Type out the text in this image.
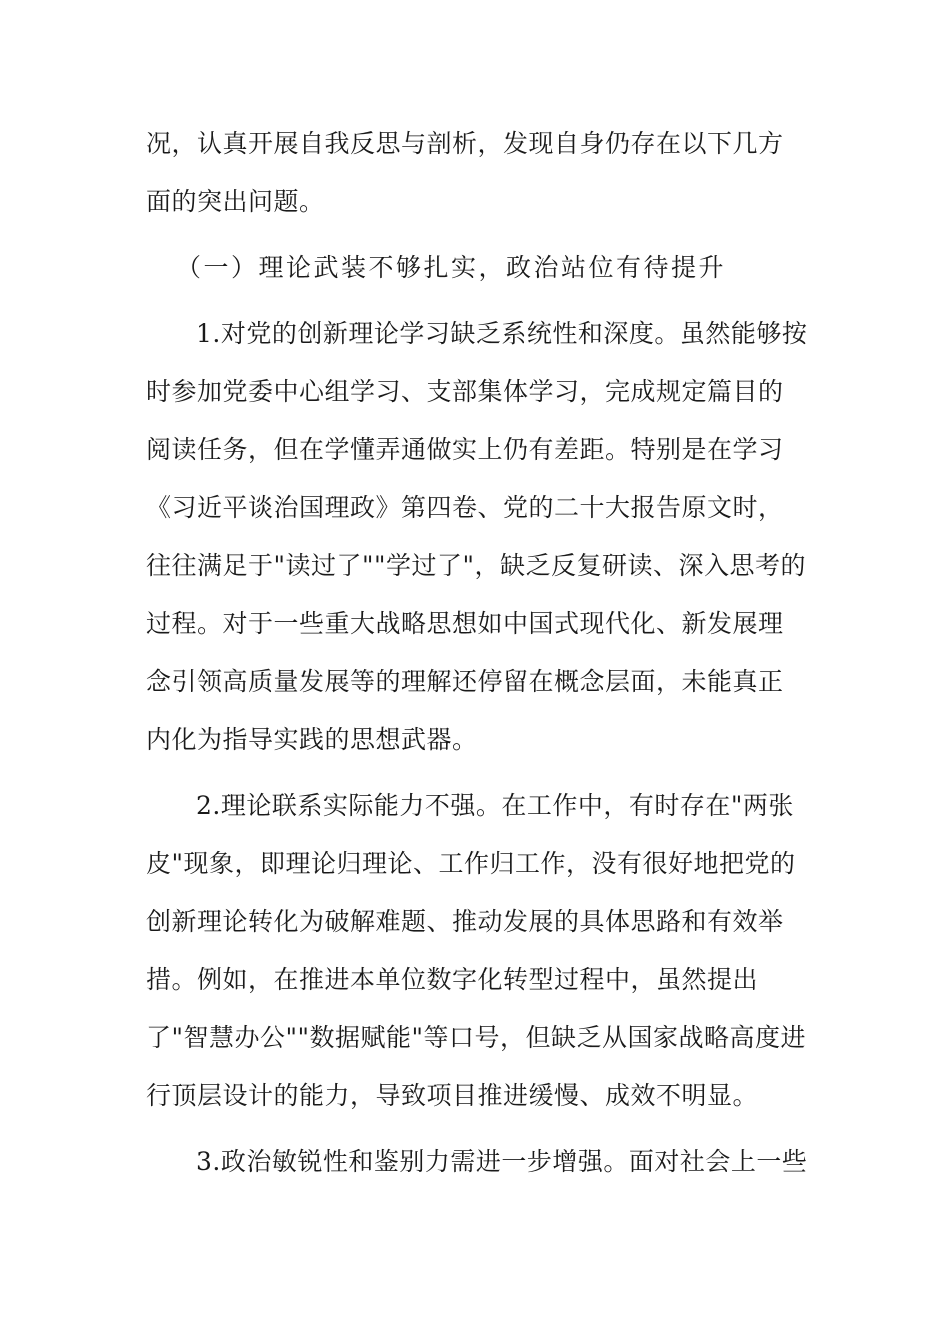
况，认真开展自我反思与剖析，发现自身仍存在以下几方
面的突出问题。
（一）理论武装不够扎实，政治站位有待提升
1.对党的创新理论学习缺乏系统性和深度。虽然能够按
时参加党委中心组学习、支部集体学习，完成规定篇目的
阅读任务，但在学懂弄通做实上仍有差距。特别是在学习
《习近平谈治国理政》第四卷、党的二十大报告原文时，
往往满足于"读过了""学过了"，缺乏反复研读、深入思考的
过程。对于一些重大战略思想如中国式现代化、新发展理
念引领高质量发展等的理解还停留在概念层面，未能真正
内化为指导实践的思想武器。
2.理论联系实际能力不强。在工作中，有时存在"两张
皮"现象，即理论归理论、工作归工作，没有很好地把党的
创新理论转化为破解难题、推动发展的具体思路和有效举
措。例如，在推进本单位数字化转型过程中，虽然提出
了"智慧办公""数据赋能"等口号，但缺乏从国家战略高度进
行顶层设计的能力，导致项目推进缓慢、成效不明显。
3.政治敏锐性和鉴别力需进一步增强。面对社会上一些
